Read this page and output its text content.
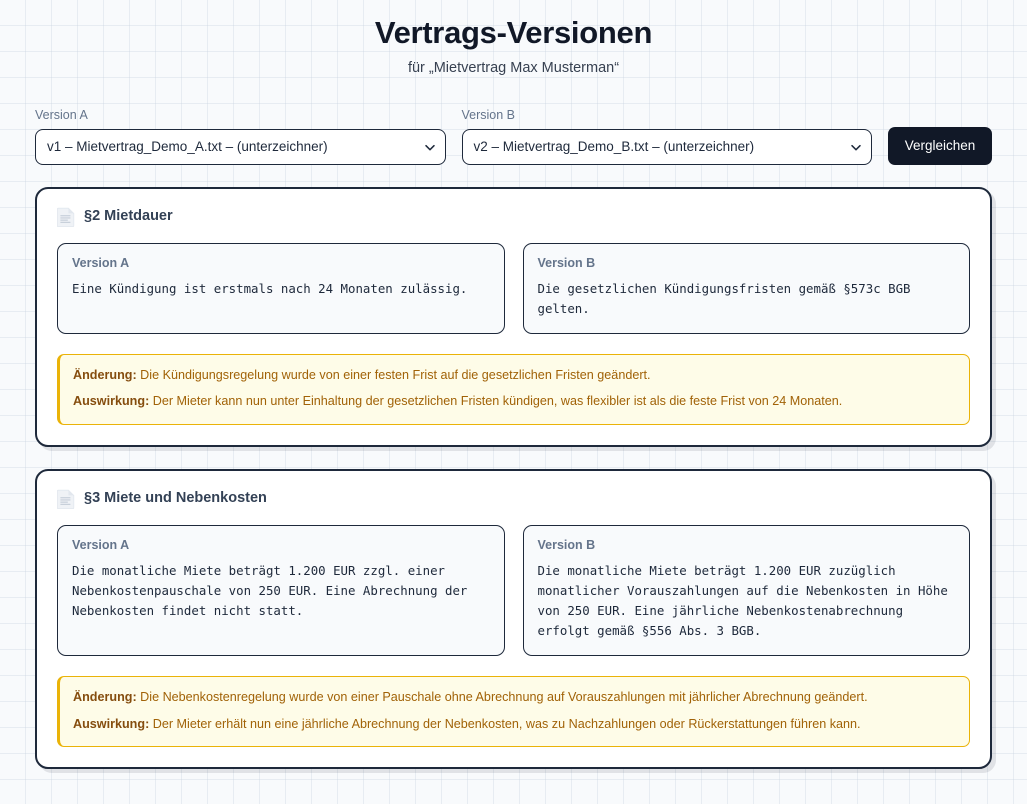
Vertrags-Versionen

für „Mietvertrag Max Musterman“

Version A
v1 – Mietvertrag_Demo_A.txt – (unterzeichner)
Version B
v2 – Mietvertrag_Demo_B.txt – (unterzeichner)	Vergleichen
§2 Mietdauer
Version A
Eine Kündigung ist erstmals nach 24 Monaten zulässig.
Version B
Die gesetzlichen Kündigungsfristen gemäß §573c BGB gelten.
Änderung: Die Kündigungsregelung wurde von einer festen Frist auf die gesetzlichen Fristen geändert.
Auswirkung: Der Mieter kann nun unter Einhaltung der gesetzlichen Fristen kündigen, was flexibler ist als die feste Frist von 24 Monaten.
§3 Miete und Nebenkosten
Version A
Die monatliche Miete beträgt 1.200 EUR zzgl. einer Nebenkostenpauschale von 250 EUR. Eine Abrechnung der Nebenkosten findet nicht statt.
Version B
Die monatliche Miete beträgt 1.200 EUR zuzüglich monatlicher Vorauszahlungen auf die Nebenkosten in Höhe von 250 EUR. Eine jährliche Nebenkostenabrechnung erfolgt gemäß §556 Abs. 3 BGB.
Änderung: Die Nebenkostenregelung wurde von einer Pauschale ohne Abrechnung auf Vorauszahlungen mit jährlicher Abrechnung geändert.
Auswirkung: Der Mieter erhält nun eine jährliche Abrechnung der Nebenkosten, was zu Nachzahlungen oder Rückerstattungen führen kann.
